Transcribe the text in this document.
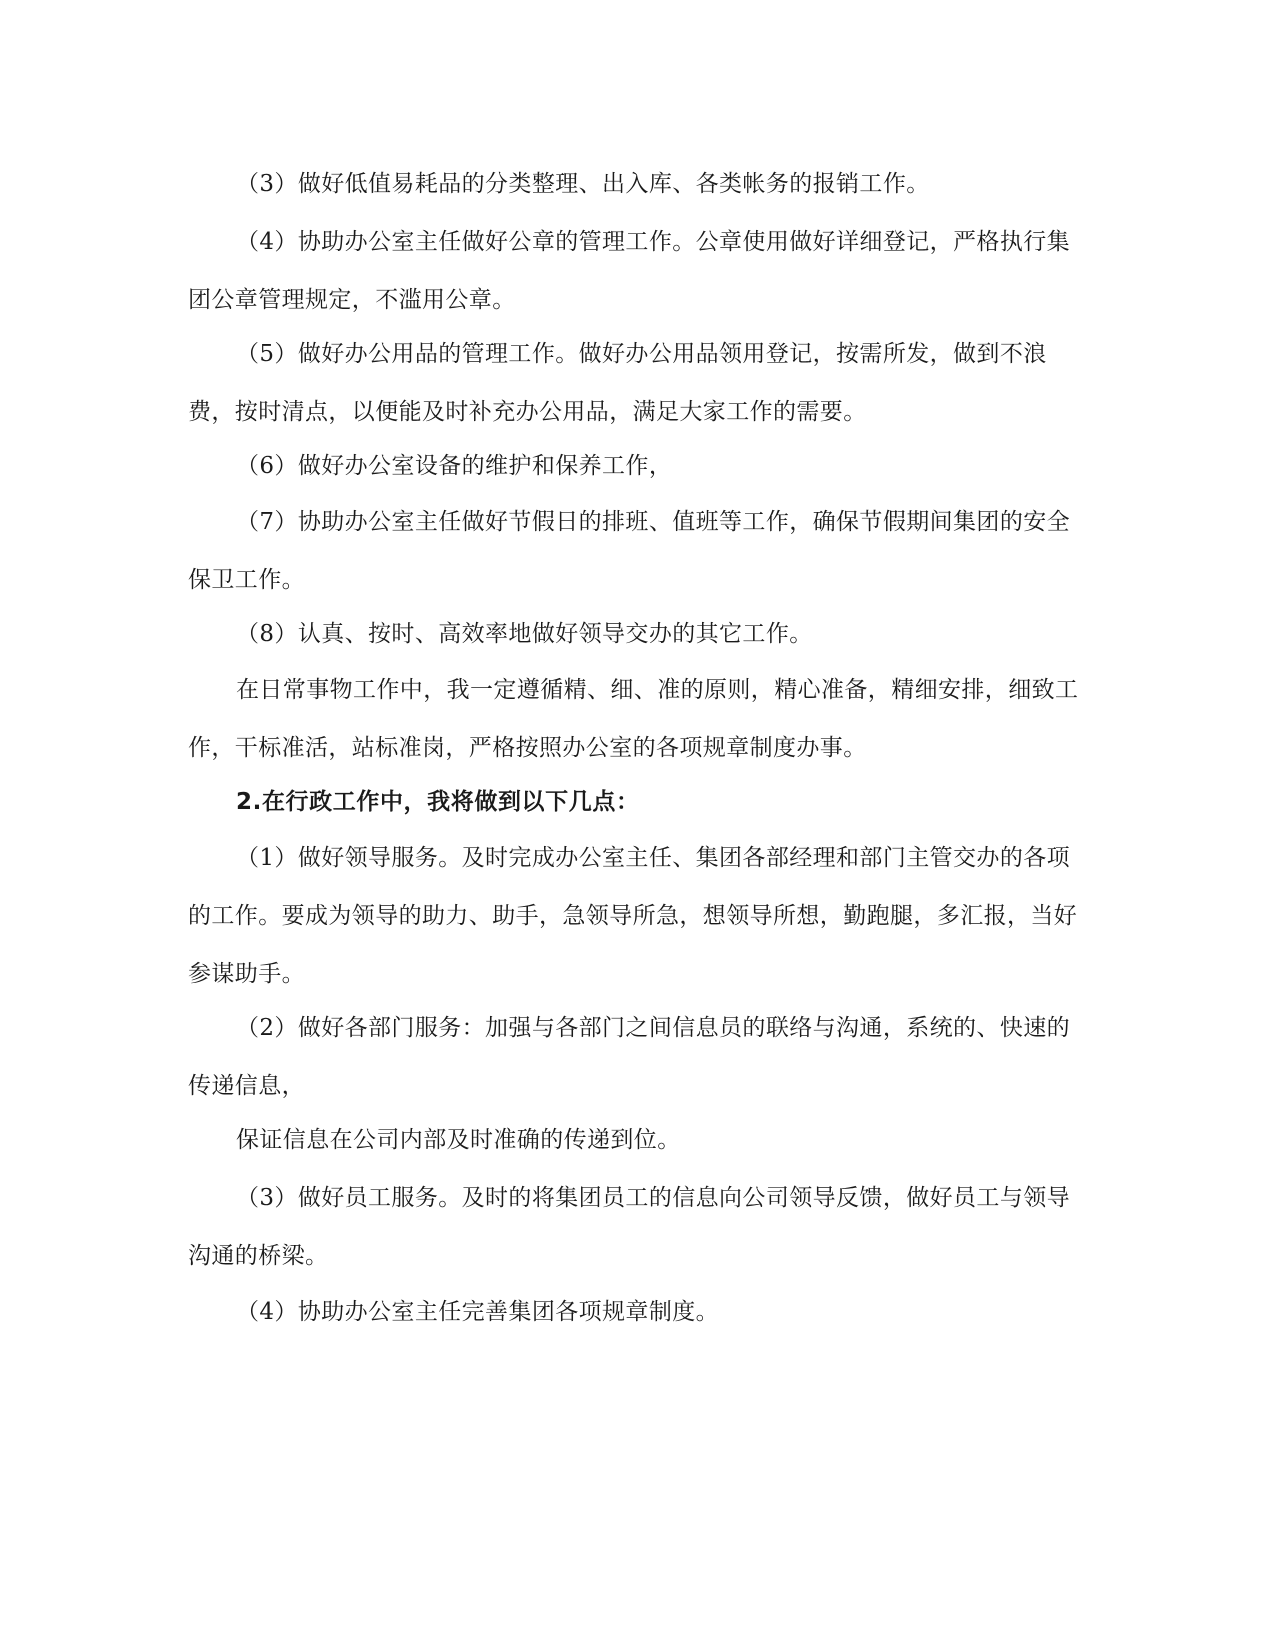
（3）做好低值易耗品的分类整理、出入库、各类帐务的报销工作。

（4）协助办公室主任做好公章的管理工作。公章使用做好详细登记，严格执行集团公章管理规定，不滥用公章。

（5）做好办公用品的管理工作。做好办公用品领用登记，按需所发，做到不浪费，按时清点，以便能及时补充办公用品，满足大家工作的需要。

（6）做好办公室设备的维护和保养工作，

（7）协助办公室主任做好节假日的排班、值班等工作，确保节假期间集团的安全保卫工作。

（8）认真、按时、高效率地做好领导交办的其它工作。

在日常事物工作中，我一定遵循精、细、准的原则，精心准备，精细安排，细致工作，干标准活，站标准岗，严格按照办公室的各项规章制度办事。

2.在行政工作中，我将做到以下几点：

（1）做好领导服务。及时完成办公室主任、集团各部经理和部门主管交办的各项的工作。要成为领导的助力、助手，急领导所急，想领导所想，勤跑腿，多汇报，当好参谋助手。

（2）做好各部门服务：加强与各部门之间信息员的联络与沟通，系统的、快速的传递信息，

保证信息在公司内部及时准确的传递到位。

（3）做好员工服务。及时的将集团员工的信息向公司领导反馈，做好员工与领导沟通的桥梁。

（4）协助办公室主任完善集团各项规章制度。
